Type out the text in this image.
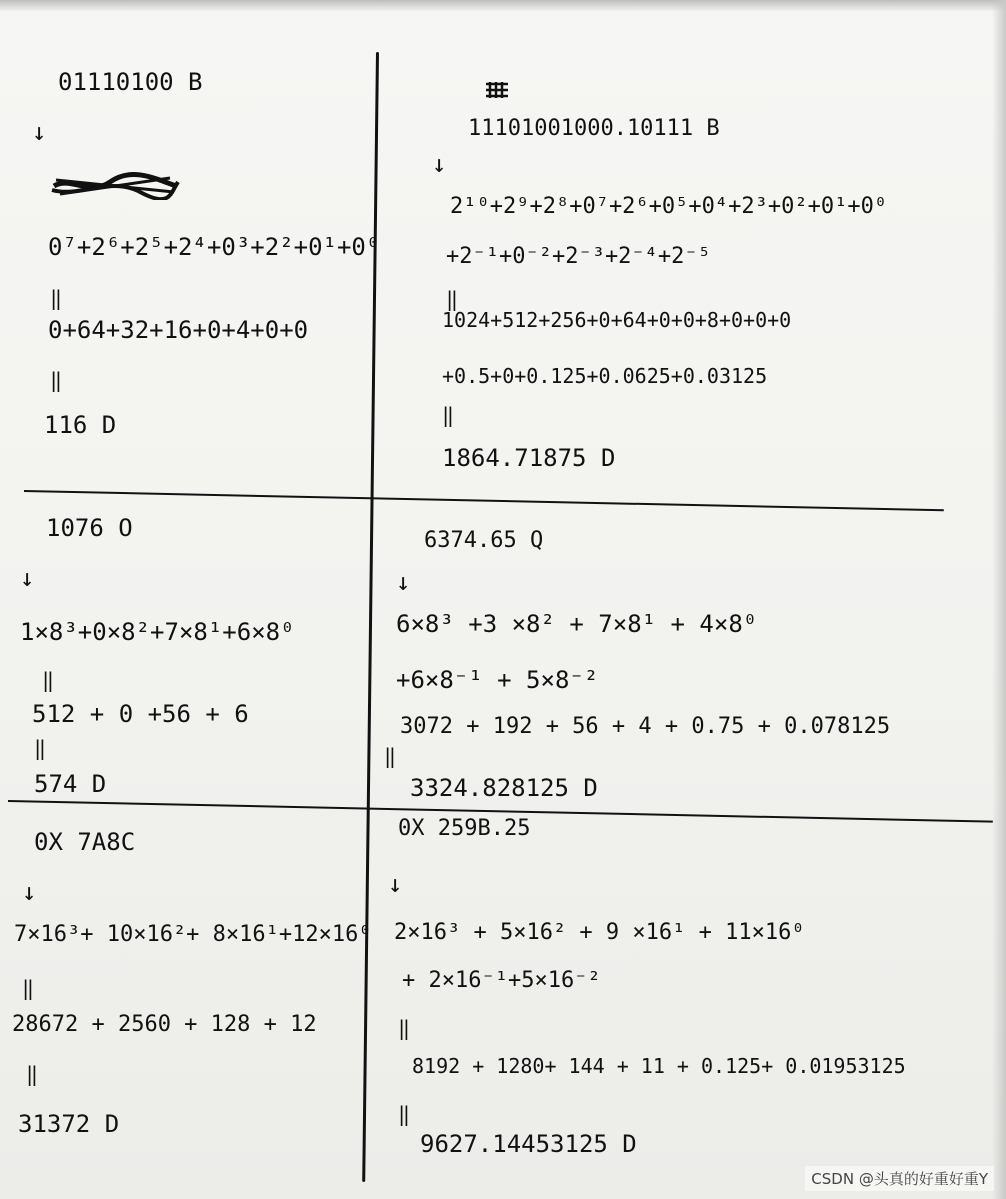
01110100 B
↓
0⁷+2⁶+2⁵+2⁴+0³+2²+0¹+0⁰
‖
0+64+32+16+0+4+0+0
‖
116 D
11101001000.10111 B
↓
2¹⁰+2⁹+2⁸+0⁷+2⁶+0⁵+0⁴+2³+0²+0¹+0⁰
+2⁻¹+0⁻²+2⁻³+2⁻⁴+2⁻⁵
‖
1024+512+256+0+64+0+0+8+0+0+0
+0.5+0+0.125+0.0625+0.03125
‖
1864.71875 D
1076 O
↓
1×8³+0×8²+7×8¹+6×8⁰
‖
512 + 0 +56 + 6
‖
574 D
6374.65 Q
↓
6×8³ +3 ×8² + 7×8¹ + 4×8⁰
+6×8⁻¹ + 5×8⁻²
3072 + 192 + 56 + 4 + 0.75 + 0.078125
‖
3324.828125 D
0X 7A8C
↓
7×16³+ 10×16²+ 8×16¹+12×16⁰
‖
28672 + 2560 + 128 + 12
‖
31372 D
0X 259B.25
↓
2×16³ + 5×16² + 9 ×16¹ + 11×16⁰
+ 2×16⁻¹+5×16⁻²
‖
8192 + 1280+ 144 + 11 + 0.125+ 0.01953125
‖
9627.14453125 D
CSDN @头真的好重好重Y
